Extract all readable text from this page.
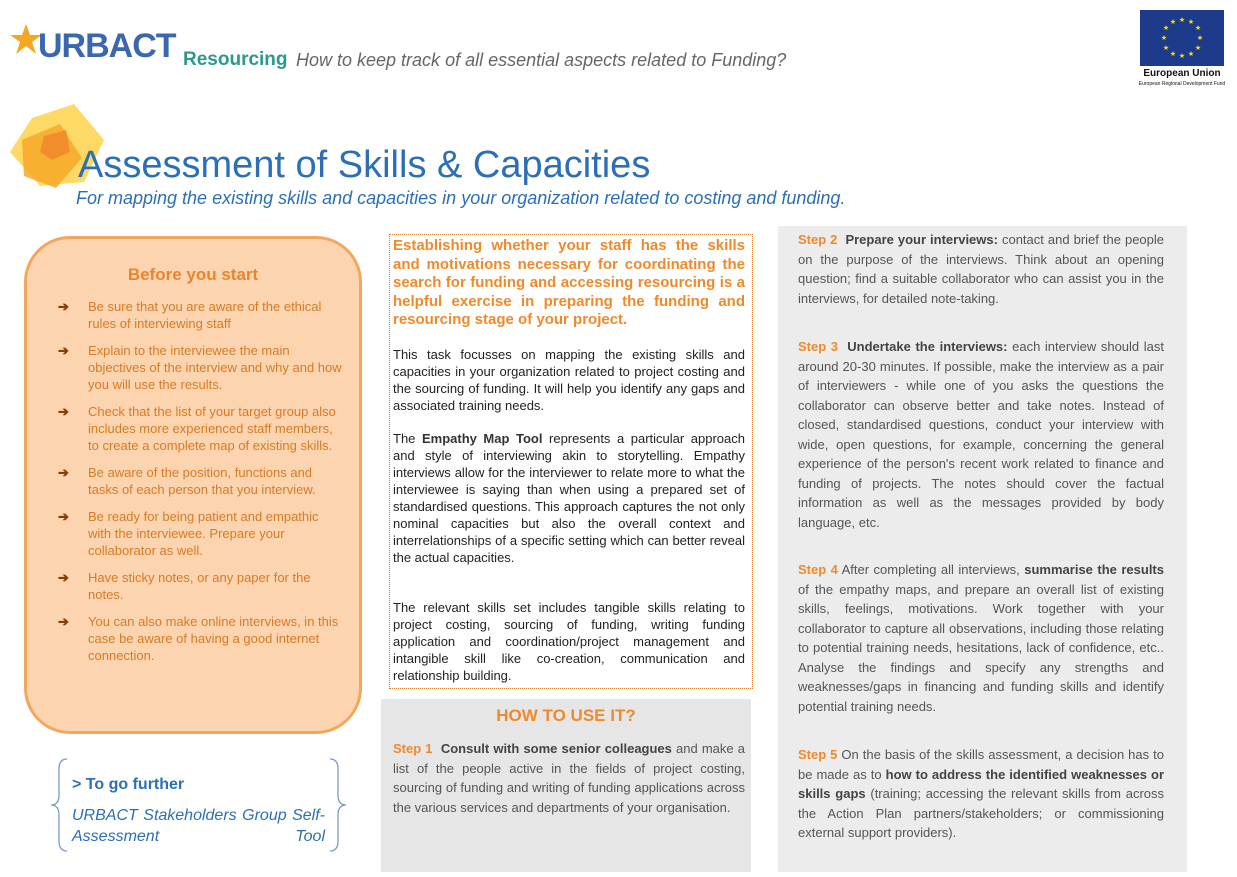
URBACT Resourcing How to keep track of all essential aspects related to Funding?
★ ★
★
★
★
★
★
★
★
★
★
★
European Union
European Regional Development Fund
Assessment of Skills & Capacities
For mapping the existing skills and capacities in your organization related to costing and funding.
Before you start
➔ Be sure that you are aware of the ethical rules of interviewing staff
➔ Explain to the interviewee the main objectives of the interview and why and how you will use the results.
➔ Check that the list of your target group also includes more experienced staff members, to create a complete map of existing skills.
➔ Be aware of the position, functions and tasks of each person that you interview.
➔ Be ready for being patient and empathic with the interviewee. Prepare your collaborator as well.
➔ Have sticky notes, or any paper for the notes.
➔ You can also make online interviews, in this case be aware of having a good internet connection.
> To go further
URBACT Stakeholders Group Self-Assessment Tool
Establishing whether your staff has the skills and motivations necessary for coordinating the search for funding and accessing resourcing is a helpful exercise in preparing the funding and resourcing stage of your project.
This task focusses on mapping the existing skills and capacities in your organization related to project costing and the sourcing of funding. It will help you identify any gaps and associated training needs.
The Empathy Map Tool represents a particular approach and style of interviewing akin to storytelling. Empathy interviews allow for the interviewer to relate more to what the interviewee is saying than when using a prepared set of standardised questions. This approach captures the not only nominal capacities but also the overall context and interrelationships of a specific setting which can better reveal the actual capacities.
The relevant skills set includes tangible skills relating to project costing, sourcing of funding, writing funding application and coordination/project management and intangible skill like co-creation, communication and relationship building.
HOW TO USE IT?
Step 1 Consult with some senior colleagues and make a list of the people active in the fields of project costing, sourcing of funding and writing of funding applications across the various services and departments of your organisation.
Step 2 Prepare your interviews: contact and brief the people on the purpose of the interviews. Think about an opening question; find a suitable collaborator who can assist you in the interviews, for detailed note-taking.
Step 3 Undertake the interviews: each interview should last around 20-30 minutes. If possible, make the interview as a pair of interviewers - while one of you asks the questions the collaborator can observe better and take notes. Instead of closed, standardised questions, conduct your interview with wide, open questions, for example, concerning the general experience of the person's recent work related to finance and funding of projects. The notes should cover the factual information as well as the messages provided by body language, etc.
Step 4 After completing all interviews, summarise the results of the empathy maps, and prepare an overall list of existing skills, feelings, motivations. Work together with your collaborator to capture all observations, including those relating to potential training needs, hesitations, lack of confidence, etc.. Analyse the findings and specify any strengths and weaknesses/gaps in financing and funding skills and identify potential training needs.
Step 5 On the basis of the skills assessment, a decision has to be made as to how to address the identified weaknesses or skills gaps (training; accessing the relevant skills from across the Action Plan partners/stakeholders; or commissioning external support providers).
